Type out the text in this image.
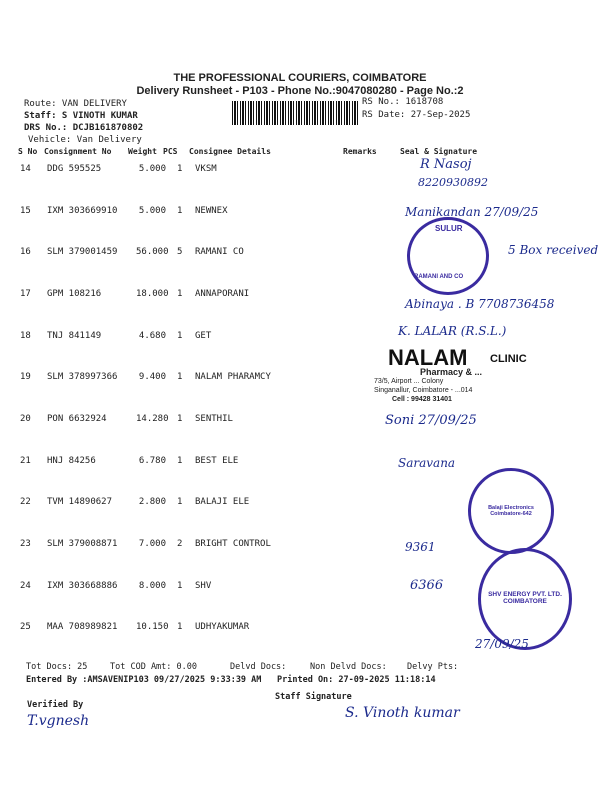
THE PROFESSIONAL COURIERS, COIMBATORE
Delivery Runsheet - P103 - Phone No.:9047080280 - Page No.:2
Route: VAN DELIVERY
Staff: S VINOTH KUMAR
DRS No.: DCJB161870802
Vehicle: Van Delivery
RS No.: 1618708
RS Date: 27-Sep-2025
S No Consignment No Weight PCS Consignee Details	Remarks	Seal & Signature
14 DDG 595525	5.000 1 VKSM
15 IXM 303669910	5.000 1 NEWNEX
16 SLM 379001459 56.000 5 RAMANI CO
17 GPM 108216	18.000 1 ANNAPORANI
18 TNJ 841149	4.680 1 GET
19 SLM 378997366	9.400 1 NALAM PHARAMCY
20 PON 6632924	14.280 1 SENTHIL
21 HNJ 84256	6.780 1 BEST ELE
22 TVM 14890627	2.800 1 BALAJI ELE
23 SLM 379008871	7.000 2 BRIGHT CONTROL
24 IXM 303668886	8.000 1 SHV
25 MAA 708989821 10.150 1 UDHYAKUMAR
R Nasoj
8220930892
Manikandan 27/09/25
SULUR
RAMANI AND CO
5 Box received
Abinaya . B 7708736458
K. LALAR (R.S.L.)
NALAM CLINIC
Pharmacy & ...
73/5, Airport ... Colony
Singanallur, Coimbatore - ...014
Cell : 99428 31401
Soni 27/09/25
Saravana
Balaji Electronics Coimbatore-642
9361
6366
SHV ENERGY PVT. LTD. COIMBATORE
27/09/25
Tot Docs: 25	Tot COD Amt: 0.00	Delvd Docs:	Non Delvd Docs: Delvy Pts:
Entered By :AMSAVENIP103 09/27/2025 9:33:39 AM Printed On: 27-09-2025 11:18:14
Verified By
Staff Signature
T.vgnesh	S. Vinoth kumar
